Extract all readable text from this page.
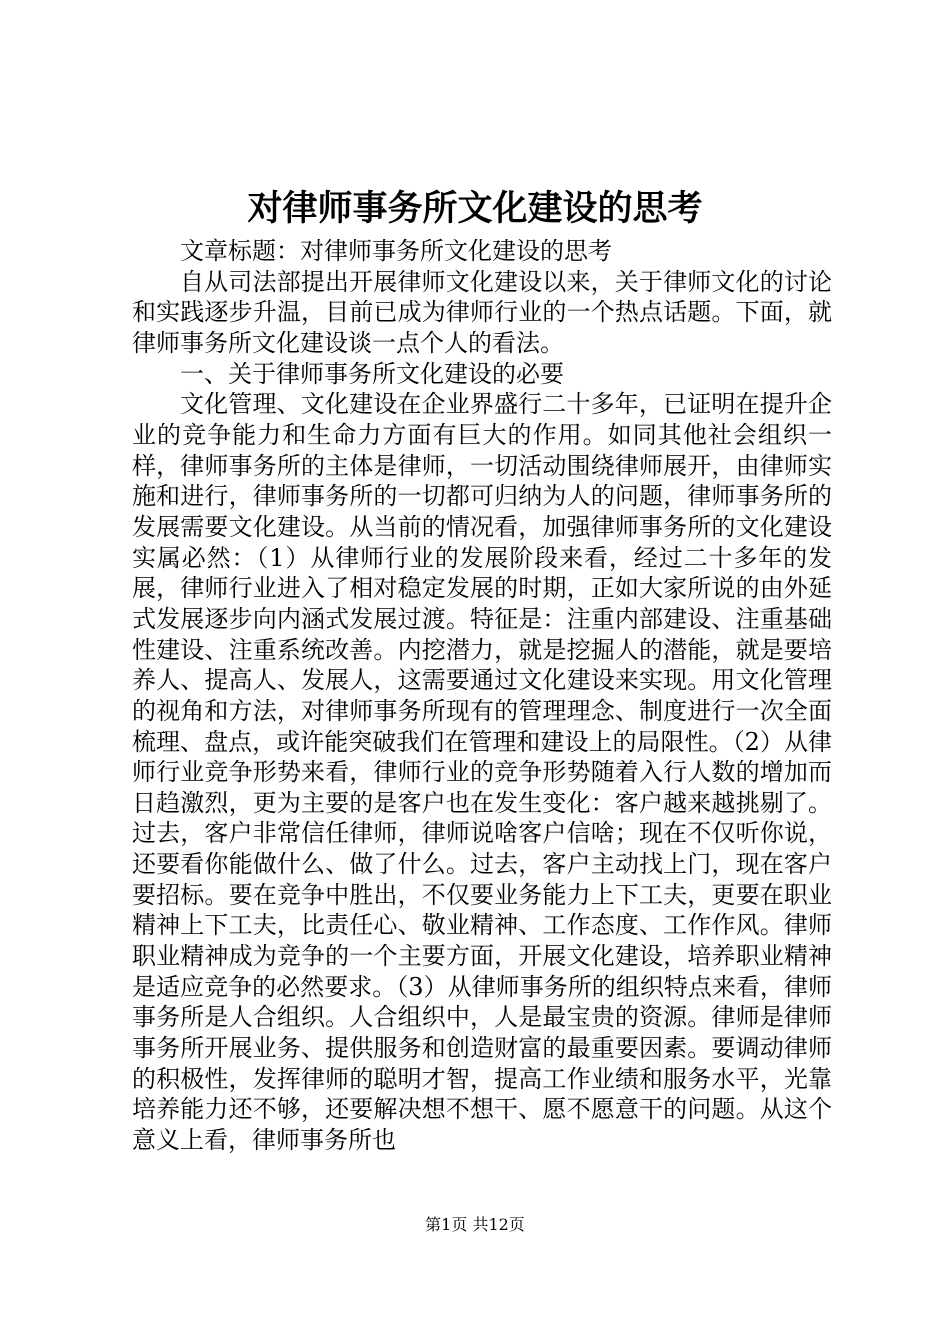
对律师事务所文化建设的思考

文章标题：对律师事务所文化建设的思考

自从司法部提出开展律师文化建设以来，关于律师文化的讨论和实践逐步升温，目前已成为律师行业的一个热点话题。下面，就律师事务所文化建设谈一点个人的看法。

一、关于律师事务所文化建设的必要

文化管理、文化建设在企业界盛行二十多年，已证明在提升企业的竞争能力和生命力方面有巨大的作用。如同其他社会组织一样，律师事务所的主体是律师，一切活动围绕律师展开，由律师实施和进行，律师事务所的一切都可归纳为人的问题，律师事务所的发展需要文化建设。从当前的情况看，加强律师事务所的文化建设实属必然：（1）从律师行业的发展阶段来看，经过二十多年的发展，律师行业进入了相对稳定发展的时期，正如大家所说的由外延式发展逐步向内涵式发展过渡。特征是：注重内部建设、注重基础性建设、注重系统改善。内挖潜力，就是挖掘人的潜能，就是要培养人、提高人、发展人，这需要通过文化建设来实现。用文化管理的视角和方法，对律师事务所现有的管理理念、制度进行一次全面梳理、盘点，或许能突破我们在管理和建设上的局限性。（2）从律师行业竞争形势来看，律师行业的竞争形势随着入行人数的增加而日趋激烈，更为主要的是客户也在发生变化：客户越来越挑剔了。过去，客户非常信任律师，律师说啥客户信啥；现在不仅听你说，还要看你能做什么、做了什么。过去，客户主动找上门，现在客户要招标。要在竞争中胜出，不仅要业务能力上下工夫，更要在职业精神上下工夫，比责任心、敬业精神、工作态度、工作作风。律师职业精神成为竞争的一个主要方面，开展文化建设，培养职业精神是适应竞争的必然要求。（3）从律师事务所的组织特点来看，律师事务所是人合组织。人合组织中，人是最宝贵的资源。律师是律师事务所开展业务、提供服务和创造财富的最重要因素。要调动律师的积极性，发挥律师的聪明才智，提高工作业绩和服务水平，光靠培养能力还不够，还要解决想不想干、愿不愿意干的问题。从这个意义上看，律师事务所也

第1页 共12页
